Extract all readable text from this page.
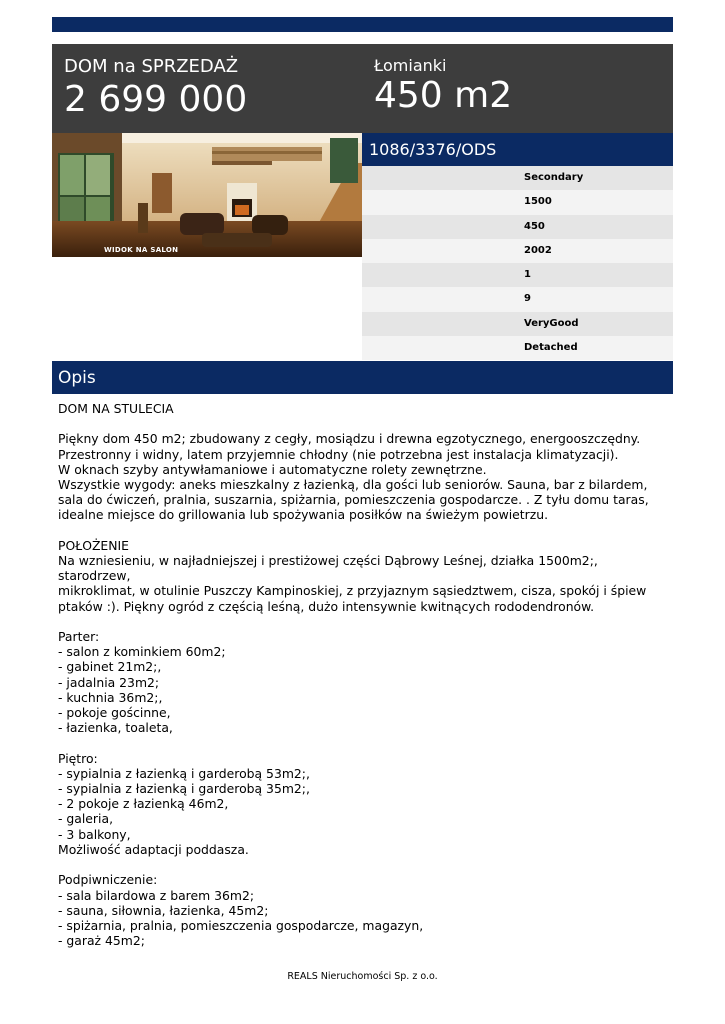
DOM na SPRZEDAŻ
2 699 000
Łomianki
450 m2
WIDOK NA SALON
1086/3376/ODS
Secondary
1500
450
2002
1
9
VeryGood
Detached
Opis
DOM NA STULECIA

Piękny dom 450 m2; zbudowany z cegły, mosiądzu i drewna egzotycznego, energooszczędny.
Przestronny i widny, latem przyjemnie chłodny (nie potrzebna jest instalacja klimatyzacji).
W oknach szyby antywłamaniowe i automatyczne rolety zewnętrzne.
Wszystkie wygody: aneks mieszkalny z łazienką, dla gości lub seniorów. Sauna, bar z bilardem,
sala do ćwiczeń, pralnia, suszarnia, spiżarnia, pomieszczenia gospodarcze. . Z tyłu domu taras,
idealne miejsce do grillowania lub spożywania posiłków na świeżym powietrzu.

POŁOŻENIE
Na wzniesieniu, w najładniejszej i prestiżowej części Dąbrowy Leśnej, działka 1500m2;, starodrzew,
mikroklimat, w otulinie Puszczy Kampinoskiej, z przyjaznym sąsiedztwem, cisza, spokój i śpiew
ptaków :). Piękny ogród z częścią leśną, dużo intensywnie kwitnących rododendronów.

Parter:
- salon z kominkiem 60m2;
- gabinet 21m2;,
- jadalnia 23m2;
- kuchnia 36m2;,
- pokoje gościnne,
- łazienka, toaleta,

Piętro:
- sypialnia z łazienką i garderobą 53m2;,
- sypialnia z łazienką i garderobą 35m2;,
- 2 pokoje z łazienką 46m2,
- galeria,
- 3 balkony,
Możliwość adaptacji poddasza.

Podpiwniczenie:
- sala bilardowa z barem 36m2;
- sauna, siłownia, łazienka, 45m2;
- spiżarnia, pralnia, pomieszczenia gospodarcze, magazyn,
- garaż 45m2;
REALS Nieruchomości Sp. z o.o.
